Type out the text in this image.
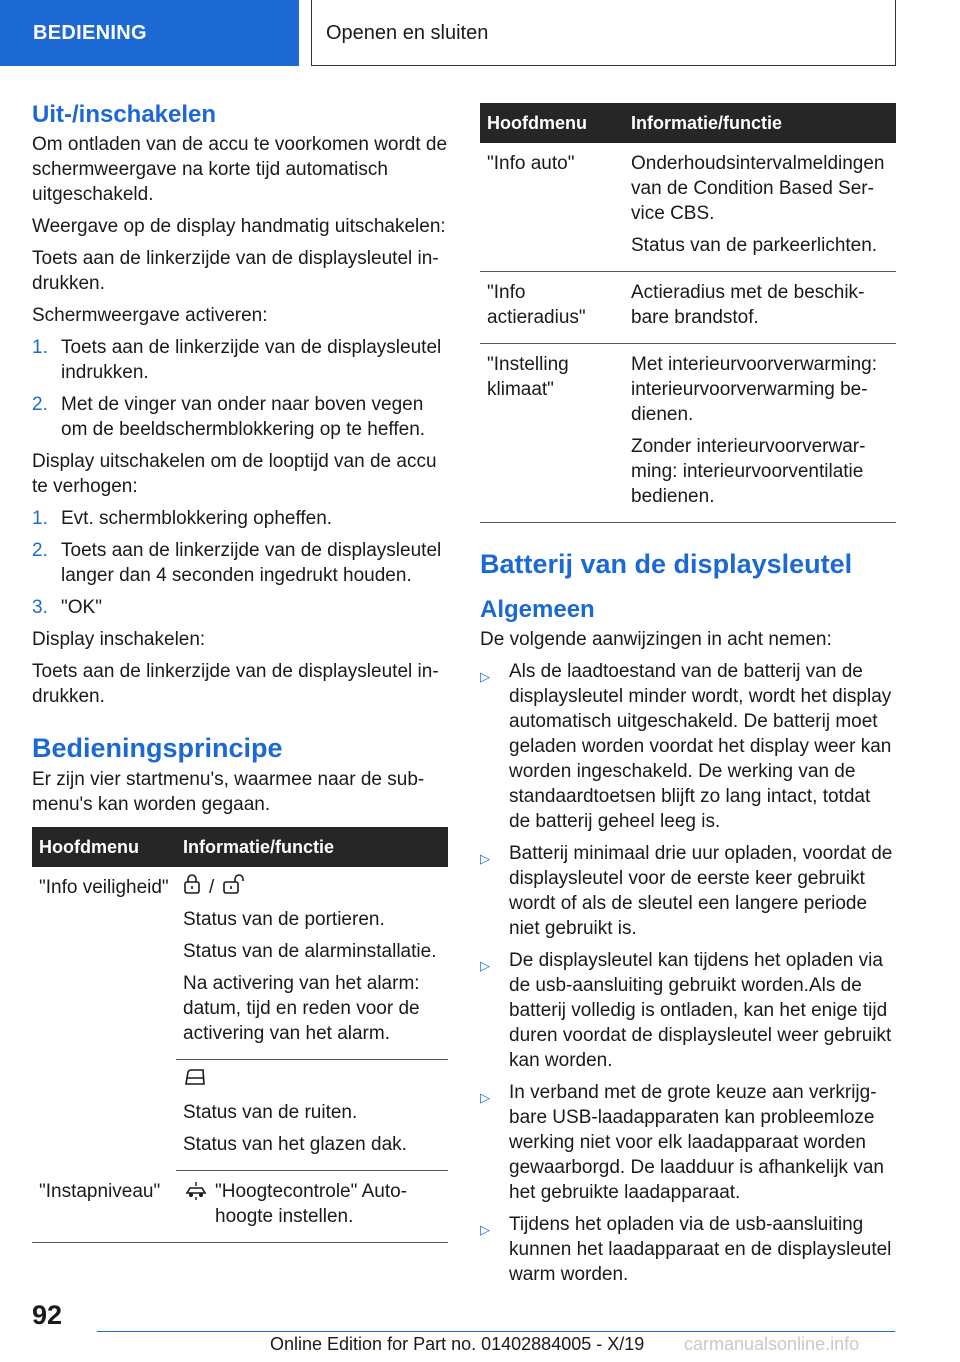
BEDIENING	Openen en sluiten
Uit-/inschakelen

Om ontladen van de accu te voorkomen wordt de schermweergave na korte tijd automatisch uitgeschakeld.

Weergave op de display handmatig uitschakelen:

Toets aan de linkerzijde van de displaysleutel indrukken.

Schermweergave activeren:

1. Toets aan de linkerzijde van de displaysleutel indrukken.
2. Met de vinger van onder naar boven vegen om de beeldschermblokkering op te heffen.

Display uitschakelen om de looptijd van de accu te verhogen:

1. Evt. schermblokkering opheffen.
2. Toets aan de linkerzijde van de displaysleutel langer dan 4 seconden ingedrukt houden.
3. "OK"

Display inschakelen:

Toets aan de linkerzijde van de displaysleutel indrukken.

Bedieningsprincipe

Er zijn vier startmenu's, waarmee naar de submenu's kan worden gegaan.

Hoofdmenu	Informatie/functie
"Info veiligheid"	/

Status van de portieren.

Status van de alarminstallatie.

Na activering van het alarm: datum, tijd en reden voor de activering van het alarm.

	Status van de ruiten.

Status van het glazen dak.

"Instapniveau"	"Hoogtecontrole" Autohoogte instellen.

Hoofdmenu	Informatie/functie
"Info auto"	Onderhoudsintervalmeldingen van de Condition Based Service CBS.

Status van de parkeerlichten.

"Info actieradius"	Actieradius met de beschikbare brandstof.

"Instelling klimaat"	Met interieurvoorverwarming: interieurvoorverwarming bedienen.

Zonder interieurvoorverwarming: interieurvoorventilatie bedienen.

Batterij van de displaysleutel
Algemeen

De volgende aanwijzingen in acht nemen:

▷	Als de laadtoestand van de batterij van de displaysleutel minder wordt, wordt het display automatisch uitgeschakeld. De batterij moet geladen worden voordat het display weer kan worden ingeschakeld. De werking van de standaardtoetsen blijft zo lang intact, totdat de batterij geheel leeg is.
▷	Batterij minimaal drie uur opladen, voordat de displaysleutel voor de eerste keer gebruikt wordt of als de sleutel een langere periode niet gebruikt is.
▷	De displaysleutel kan tijdens het opladen via de usb-aansluiting gebruikt worden.Als de batterij volledig is ontladen, kan het enige tijd duren voordat de displaysleutel weer gebruikt kan worden.
▷	In verband met de grote keuze aan verkrijgbare USB-laadapparaten kan probleemloze werking niet voor elk laadapparaat worden gewaarborgd. De laadduur is afhankelijk van het gebruikte laadapparaat.
▷	Tijdens het opladen via de usb-aansluiting kunnen het laadapparaat en de displaysleutel warm worden.
92
Online Edition for Part no. 01402884005 - X/19 carmanualsonline.info
